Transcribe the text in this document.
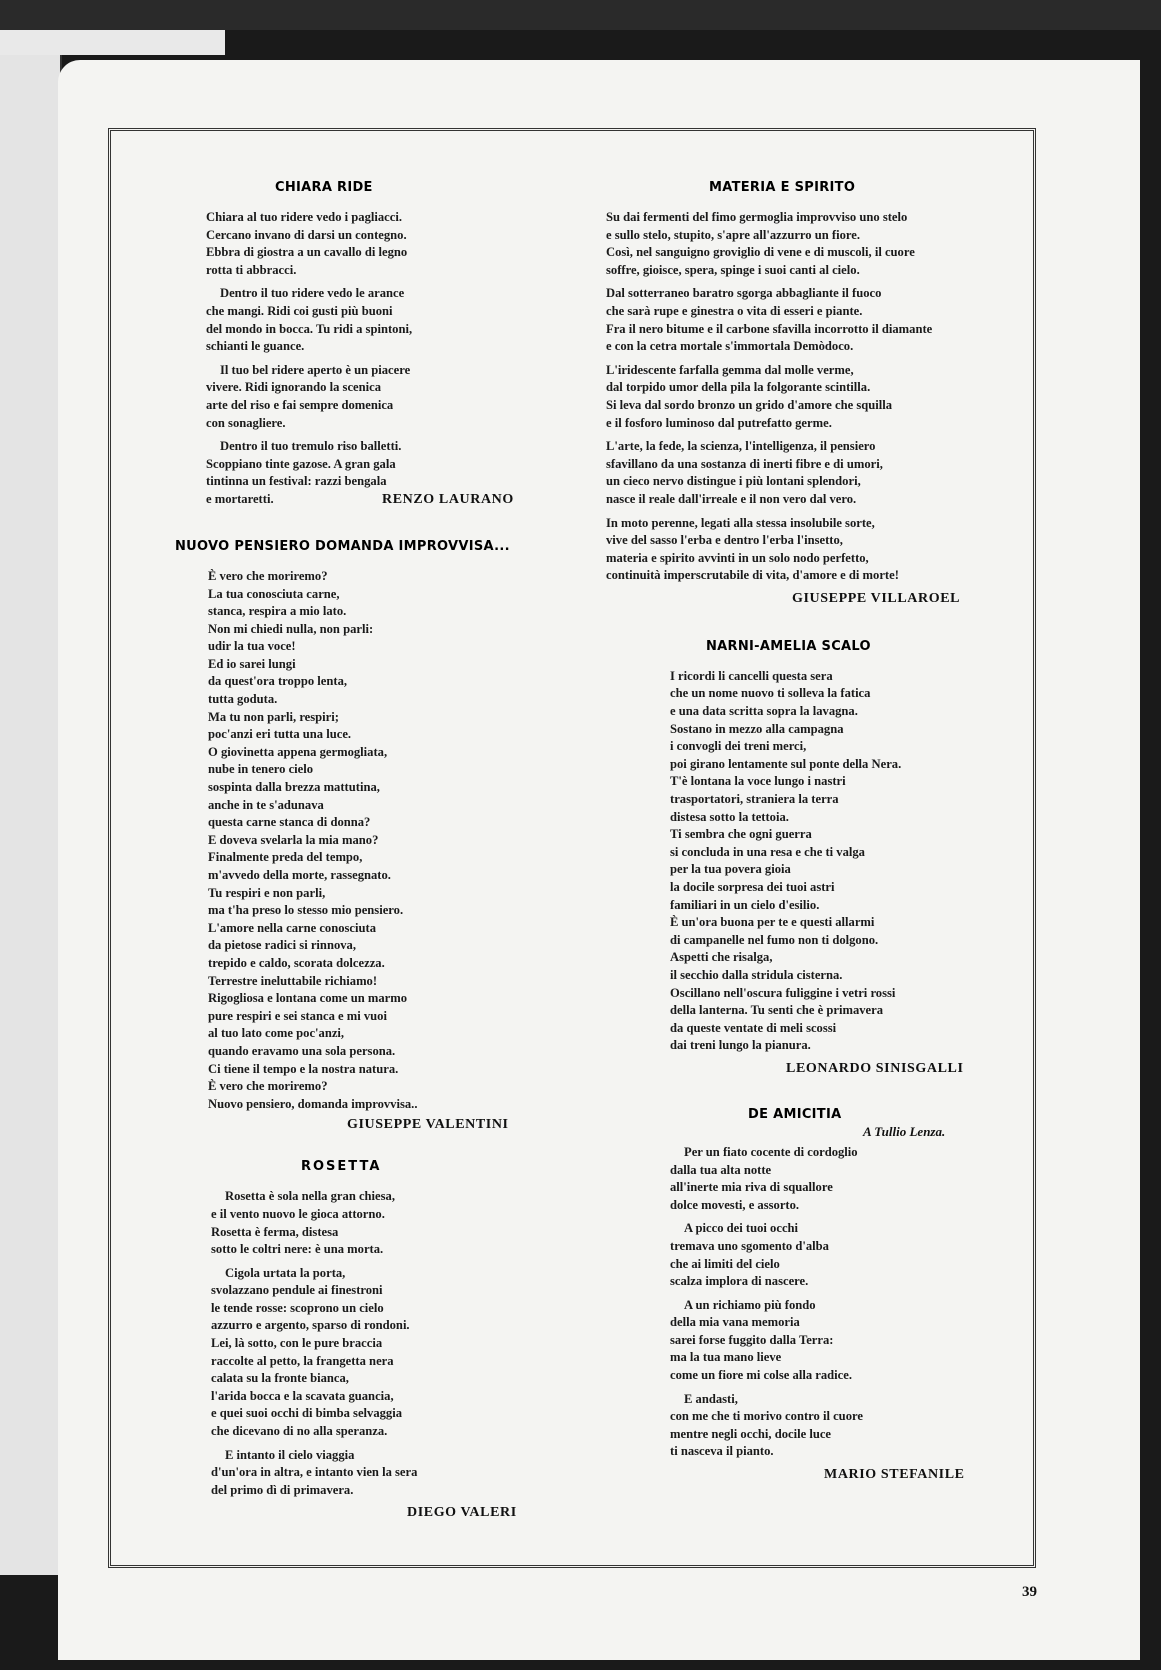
CHIARA RIDE
Chiara al tuo ridere vedo i pagliacci.
Cercano invano di darsi un contegno.
Ebbra di giostra a un cavallo di legno
rotta ti abbracci.
Dentro il tuo ridere vedo le arance
che mangi. Ridi coi gusti più buoni
del mondo in bocca. Tu ridi a spintoni,
schianti le guance.
Il tuo bel ridere aperto è un piacere
vivere. Ridi ignorando la scenica
arte del riso e fai sempre domenica
con sonagliere.
Dentro il tuo tremulo riso balletti.
Scoppiano tinte gazose. A gran gala
tintinna un festival: razzi bengala
e mortaretti.	RENZO LAURANO
NUOVO PENSIERO DOMANDA IMPROVVISA...
È vero che moriremo?
La tua conosciuta carne,
stanca, respira a mio lato.
Non mi chiedi nulla, non parli:
udir la tua voce!
Ed io sarei lungi
da quest'ora troppo lenta,
tutta goduta.
Ma tu non parli, respiri;
poc'anzi eri tutta una luce.
O giovinetta appena germogliata,
nube in tenero cielo
sospinta dalla brezza mattutina,
anche in te s'adunava
questa carne stanca di donna?
E doveva svelarla la mia mano?
Finalmente preda del tempo,
m'avvedo della morte, rassegnato.
Tu respiri e non parli,
ma t'ha preso lo stesso mio pensiero.
L'amore nella carne conosciuta
da pietose radici si rinnova,
trepido e caldo, scorata dolcezza.
Terrestre ineluttabile richiamo!
Rigogliosa e lontana come un marmo
pure respiri e sei stanca e mi vuoi
al tuo lato come poc'anzi,
quando eravamo una sola persona.
Ci tiene il tempo e la nostra natura.
È vero che moriremo?
Nuovo pensiero, domanda improvvisa..
GIUSEPPE VALENTINI
ROSETTA
Rosetta è sola nella gran chiesa,
e il vento nuovo le gioca attorno.
Rosetta è ferma, distesa
sotto le coltri nere: è una morta.
Cigola urtata la porta,
svolazzano pendule ai finestroni
le tende rosse: scoprono un cielo
azzurro e argento, sparso di rondoni.
Lei, là sotto, con le pure braccia
raccolte al petto, la frangetta nera
calata su la fronte bianca,
l'arida bocca e la scavata guancia,
e quei suoi occhi di bimba selvaggia
che dicevano di no alla speranza.
E intanto il cielo viaggia
d'un'ora in altra, e intanto vien la sera
del primo dì di primavera.
DIEGO VALERI
MATERIA E SPIRITO
Su dai fermenti del fimo germoglia improvviso uno stelo
e sullo stelo, stupito, s'apre all'azzurro un fiore.
Così, nel sanguigno groviglio di vene e di muscoli, il cuore
soffre, gioisce, spera, spinge i suoi canti al cielo.
Dal sotterraneo baratro sgorga abbagliante il fuoco
che sarà rupe e ginestra o vita di esseri e piante.
Fra il nero bitume e il carbone sfavilla incorrotto il diamante
e con la cetra mortale s'immortala Demòdoco.
L'iridescente farfalla gemma dal molle verme,
dal torpido umor della pila la folgorante scintilla.
Si leva dal sordo bronzo un grido d'amore che squilla
e il fosforo luminoso dal putrefatto germe.
L'arte, la fede, la scienza, l'intelligenza, il pensiero
sfavillano da una sostanza di inerti fibre e di umori,
un cieco nervo distingue i più lontani splendori,
nasce il reale dall'irreale e il non vero dal vero.
In moto perenne, legati alla stessa insolubile sorte,
vive del sasso l'erba e dentro l'erba l'insetto,
materia e spirito avvinti in un solo nodo perfetto,
continuità imperscrutabile di vita, d'amore e di morte!
GIUSEPPE VILLAROEL
NARNI-AMELIA SCALO
I ricordi li cancelli questa sera
che un nome nuovo ti solleva la fatica
e una data scritta sopra la lavagna.
Sostano in mezzo alla campagna
i convogli dei treni merci,
poi girano lentamente sul ponte della Nera.
T'è lontana la voce lungo i nastri
trasportatori, straniera la terra
distesa sotto la tettoia.
Ti sembra che ogni guerra
si concluda in una resa e che ti valga
per la tua povera gioia
la docile sorpresa dei tuoi astri
familiari in un cielo d'esilio.
È un'ora buona per te e questi allarmi
di campanelle nel fumo non ti dolgono.
Aspetti che risalga,
il secchio dalla stridula cisterna.
Oscillano nell'oscura fuliggine i vetri rossi
della lanterna. Tu senti che è primavera
da queste ventate di meli scossi
dai treni lungo la pianura.
LEONARDO SINISGALLI
DE AMICITIA
A Tullio Lenza.
Per un fiato cocente di cordoglio
dalla tua alta notte
all'inerte mia riva di squallore
dolce movesti, e assorto.
A picco dei tuoi occhi
tremava uno sgomento d'alba
che ai limiti del cielo
scalza implora di nascere.
A un richiamo più fondo
della mia vana memoria
sarei forse fuggito dalla Terra:
ma la tua mano lieve
come un fiore mi colse alla radice.
E andasti,
con me che ti morivo contro il cuore
mentre negli occhi, docile luce
ti nasceva il pianto.
MARIO STEFANILE
39
